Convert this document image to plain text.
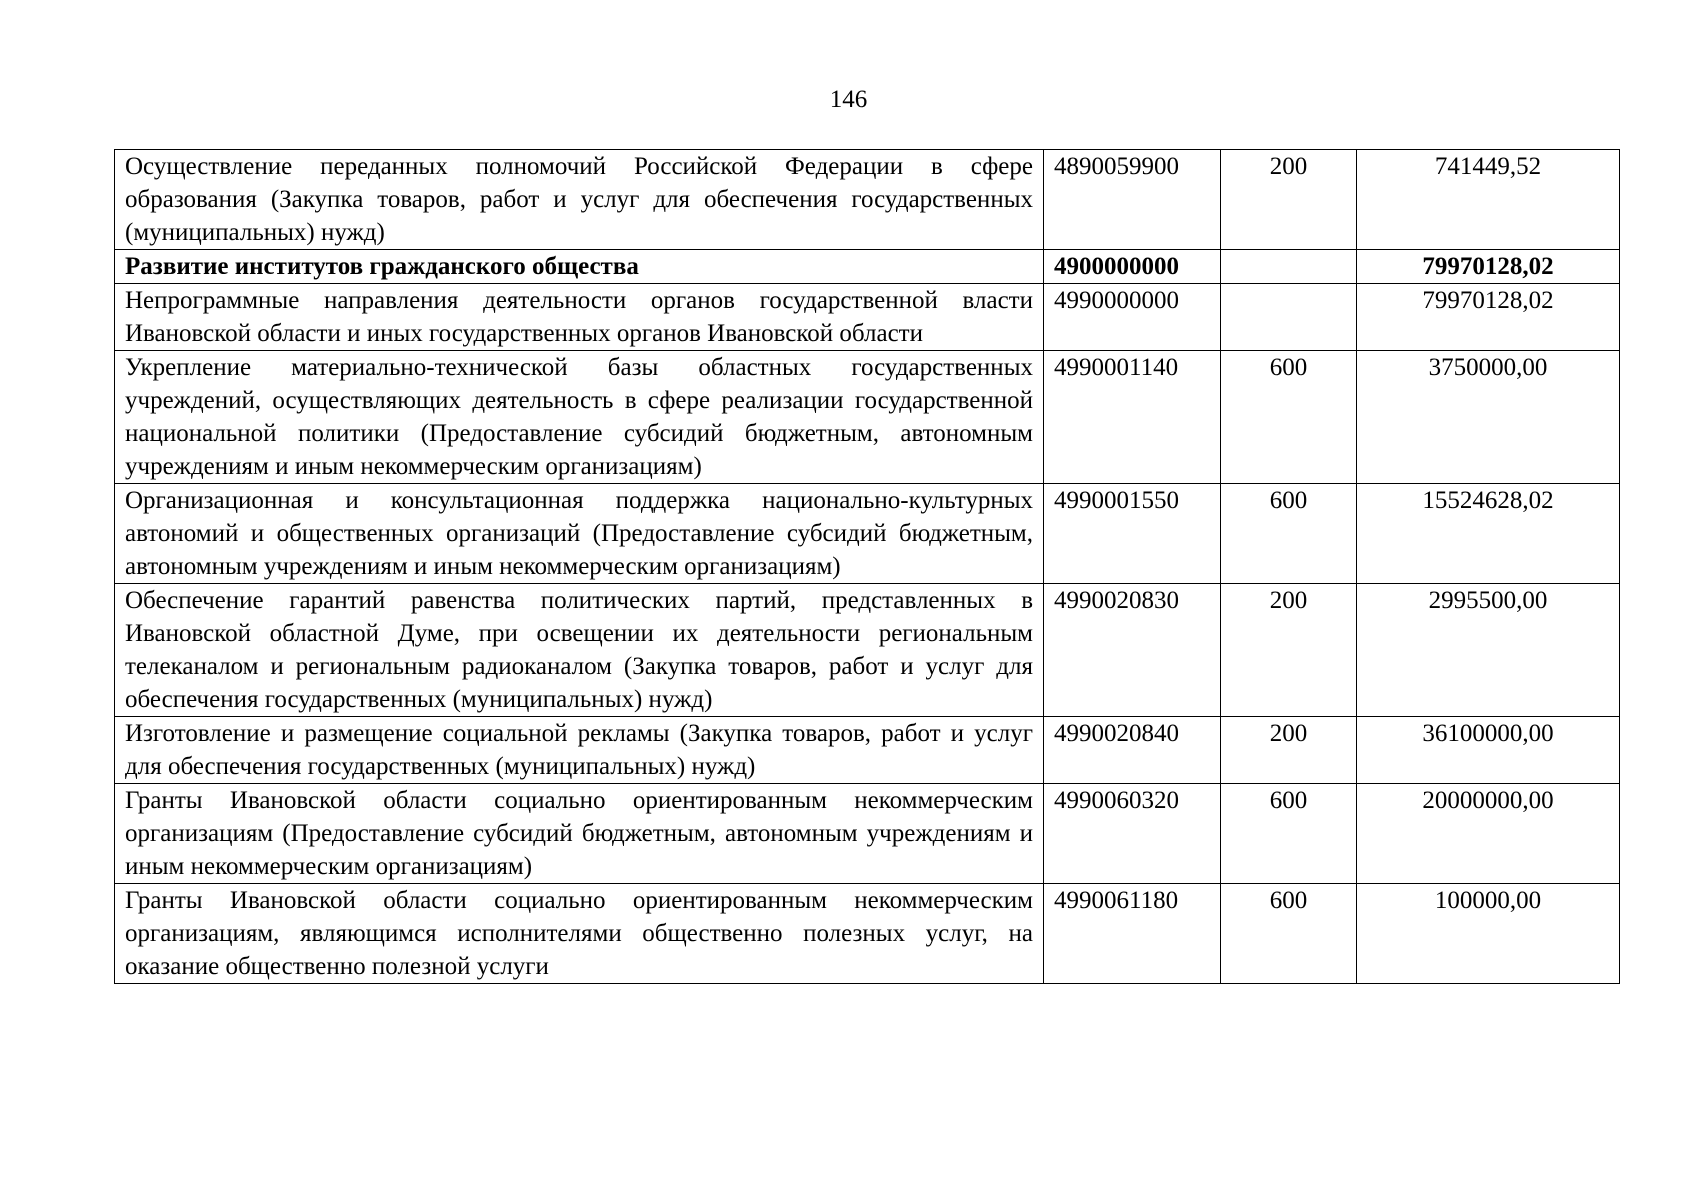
146
Осуществление переданных полномочий Российской Федерации в сфере образования (Закупка товаров, работ и услуг для обеспечения государственных (муниципальных) нужд)	4890059900	200	741449,52
Развитие институтов гражданского общества	4900000000		79970128,02
Непрограммные направления деятельности органов государственной власти Ивановской области и иных государственных органов Ивановской области	4990000000		79970128,02
Укрепление материально-технической базы областных государственных учреждений, осуществляющих деятельность в сфере реализации государственной национальной политики (Предоставление субсидий бюджетным, автономным учреждениям и иным некоммерческим организациям)	4990001140	600	3750000,00
Организационная и консультационная поддержка национально-культурных автономий и общественных организаций (Предоставление субсидий бюджетным, автономным учреждениям и иным некоммерческим организациям)	4990001550	600	15524628,02
Обеспечение гарантий равенства политических партий, представленных в Ивановской областной Думе, при освещении их деятельности региональным телеканалом и региональным радиоканалом (Закупка товаров, работ и услуг для обеспечения государственных (муниципальных) нужд)	4990020830	200	2995500,00
Изготовление и размещение социальной рекламы (Закупка товаров, работ и услуг для обеспечения государственных (муниципальных) нужд)	4990020840	200	36100000,00
Гранты Ивановской области социально ориентированным некоммерческим организациям (Предоставление субсидий бюджетным, автономным учреждениям и иным некоммерческим организациям)	4990060320	600	20000000,00
Гранты Ивановской области социально ориентированным некоммерческим организациям, являющимся исполнителями общественно полезных услуг, на оказание общественно полезной услуги	4990061180	600	100000,00
